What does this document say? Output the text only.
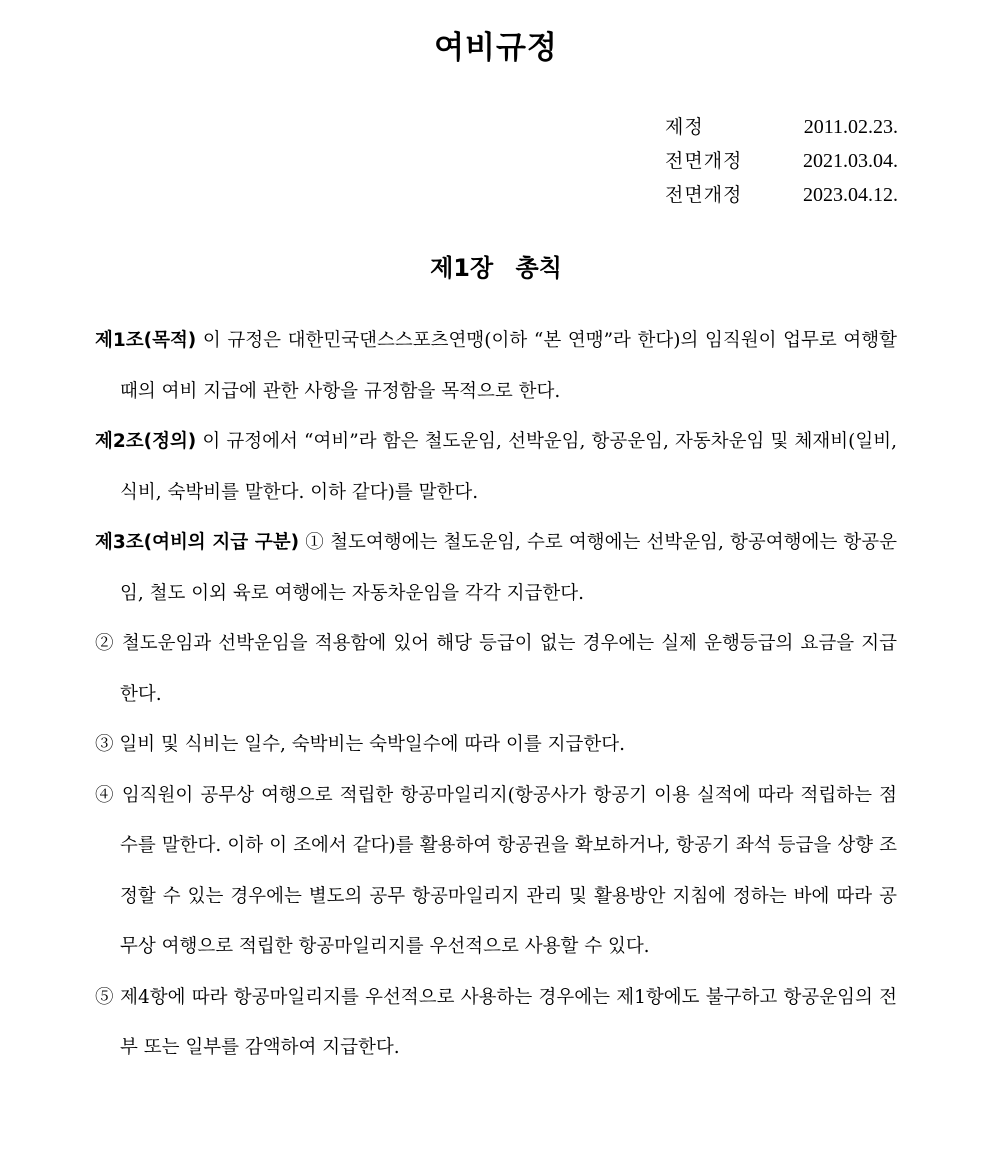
여비규정
제정	2011.02.23.
전면개정	2021.03.04.
전면개정	2023.04.12.
제1장 총칙

제1조(목적) 이 규정은 대한민국댄스스포츠연맹(이하 “본 연맹”라 한다)의 임직원이 업무로 여행할 때의 여비 지급에 관한 사항을 규정함을 목적으로 한다.

제2조(정의) 이 규정에서 “여비”라 함은 철도운임, 선박운임, 항공운임, 자동차운임 및 체재비(일비, 식비, 숙박비를 말한다. 이하 같다)를 말한다.

제3조(여비의 지급 구분) ① 철도여행에는 철도운임, 수로 여행에는 선박운임, 항공여행에는 항공운임, 철도 이외 육로 여행에는 자동차운임을 각각 지급한다.

② 철도운임과 선박운임을 적용함에 있어 해당 등급이 없는 경우에는 실제 운행등급의 요금을 지급한다.

③ 일비 및 식비는 일수, 숙박비는 숙박일수에 따라 이를 지급한다.

④ 임직원이 공무상 여행으로 적립한 항공마일리지(항공사가 항공기 이용 실적에 따라 적립하는 점수를 말한다. 이하 이 조에서 같다)를 활용하여 항공권을 확보하거나, 항공기 좌석 등급을 상향 조정할 수 있는 경우에는 별도의 공무 항공마일리지 관리 및 활용방안 지침에 정하는 바에 따라 공무상 여행으로 적립한 항공마일리지를 우선적으로 사용할 수 있다.

⑤ 제4항에 따라 항공마일리지를 우선적으로 사용하는 경우에는 제1항에도 불구하고 항공운임의 전부 또는 일부를 감액하여 지급한다.
